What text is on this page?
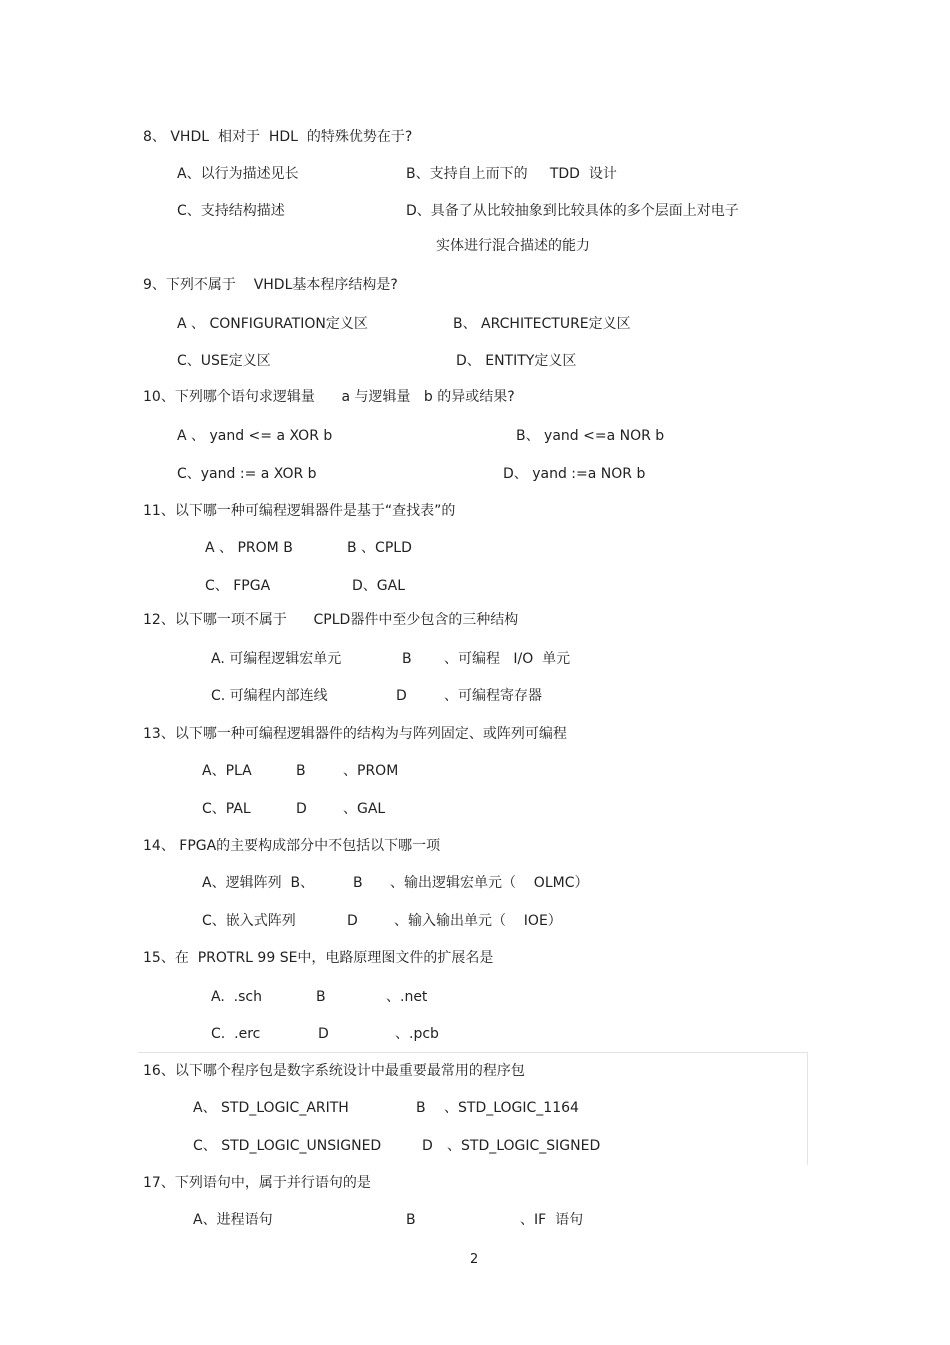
8、 VHDL  相对于  HDL  的特殊优势在于?
A、以行为描述见长	B、支持自上而下的     TDD  设计
C、支持结构描述	D、具备了从比较抽象到比较具体的多个层面上对电子
实体进行混合描述的能力
9、下列不属于    VHDL基本程序结构是?
A 、 CONFIGURATION定义区	B、 ARCHITECTURE定义区
C、USE定义区	D、 ENTITY定义区
10、下列哪个语句求逻辑量      a 与逻辑量   b 的异或结果?
A 、 yand <= a XOR b	B、 yand <=a NOR b
C、yand := a XOR b	D、 yand :=a NOR b
11、以下哪一种可编程逻辑器件是基于“查找表”的
A 、 PROM B	B 、CPLD
C、 FPGA	D、GAL
12、以下哪一项不属于      CPLD器件中至少包含的三种结构
A. 可编程逻辑宏单元	B 、可编程   I/O  单元
C. 可编程内部连线	D	、可编程寄存器
13、以下哪一种可编程逻辑器件的结构为与阵列固定、或阵列可编程
A、PLA	B	、PROM
C、PAL	D	、GAL
14、 FPGA的主要构成部分中不包括以下哪一项
A、逻辑阵列  B、	B 、输出逻辑宏单元（    OLMC）
C、嵌入式阵列	D	、输入输出单元（    IOE）
15、在  PROTRL 99 SE中，电路原理图文件的扩展名是
A.  .sch	B	、.net
C.  .erc	D	、.pcb
16、以下哪个程序包是数字系统设计中最重要最常用的程序包
A、 STD_LOGIC_ARITH	B 、STD_LOGIC_1164
C、 STD_LOGIC_UNSIGNED	D 、STD_LOGIC_SIGNED
17、下列语句中，属于并行语句的是
A、进程语句	B	、IF  语句
2
